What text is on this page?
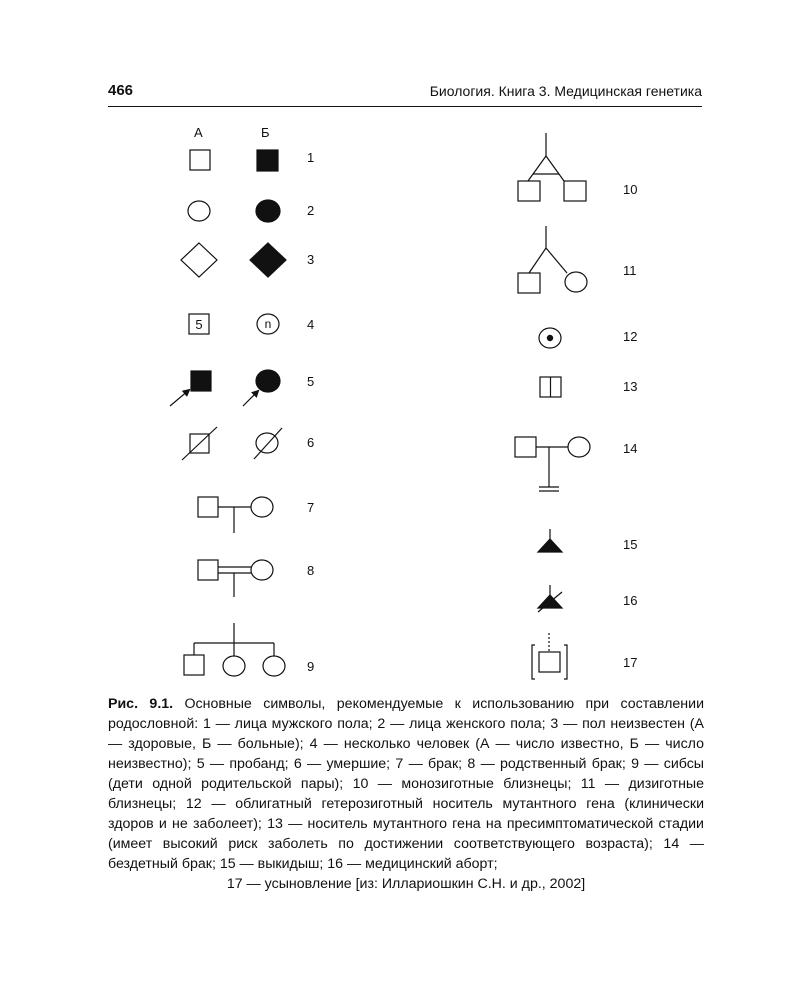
466	Биология. Книга 3. Медицинская генетика
А	Б
1
2
3
4
5
6
7
8
9
10
11
12
13
14
15
16
17
5	n
Рис. 9.1. Основные символы, рекомендуемые к использованию при составлении родословной: 1 — лица мужского пола; 2 — лица женского пола; 3 — пол неизвестен (А — здоровые, Б — больные); 4 — несколько человек (А — число известно, Б — число неизвестно); 5 — пробанд; 6 — умершие; 7 — брак; 8 — родственный брак; 9 — сибсы (дети одной родительской пары); 10 — монозиготные близнецы; 11 — дизиготные близнецы; 12 — облигатный гетерозиготный носитель мутантного гена (клинически здоров и не заболеет); 13 — носитель мутантного гена на пресимптоматической стадии (имеет высокий риск заболеть по достижении соответствующего возраста); 14 — бездетный брак; 15 — выкидыш; 16 — медицинский аборт;
17 — усыновление [из: Иллариошкин С.Н. и др., 2002]
